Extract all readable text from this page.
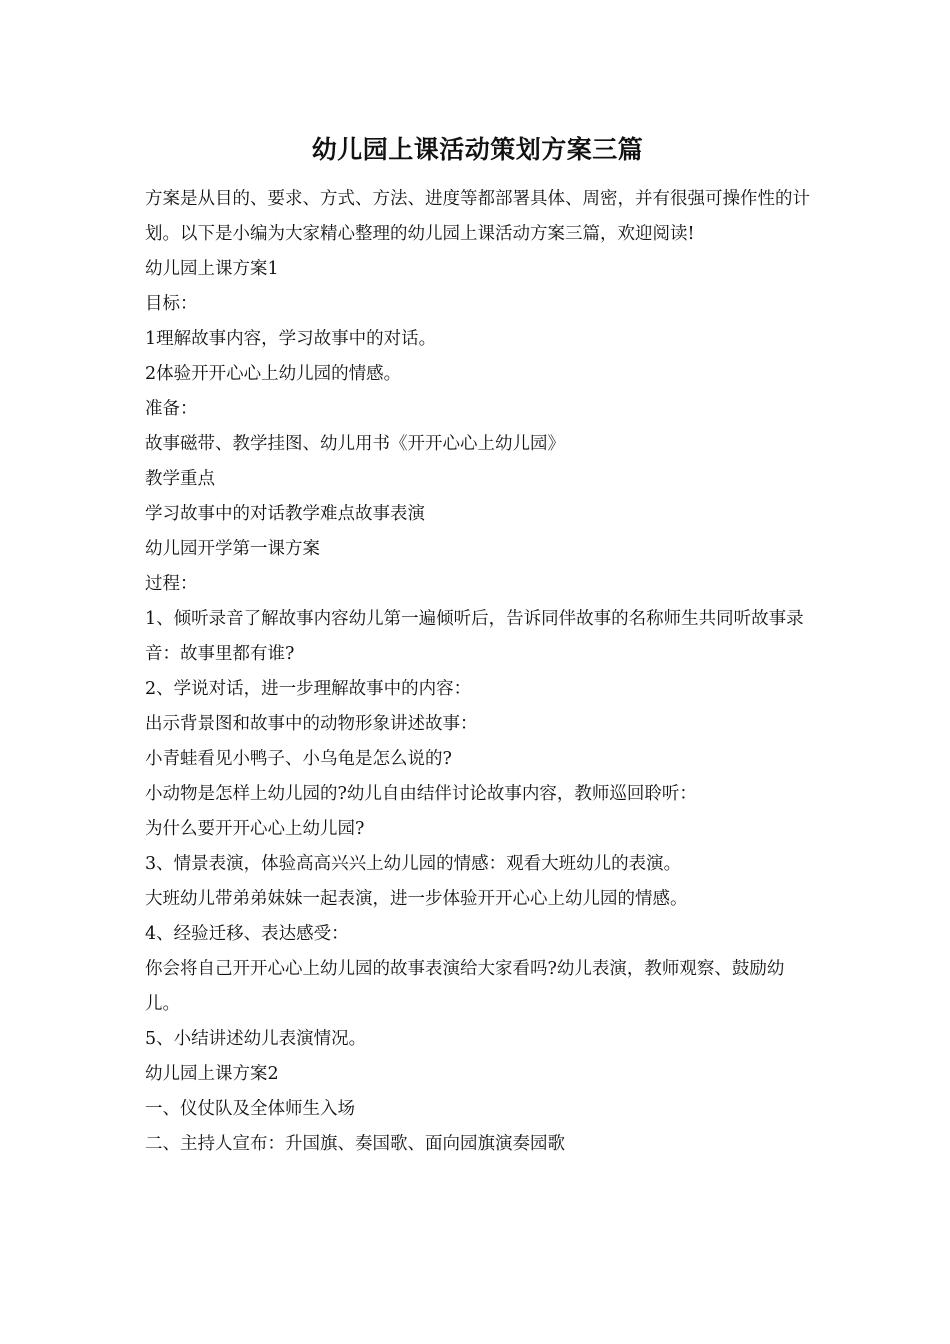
幼儿园上课活动策划方案三篇

方案是从目的、要求、方式、方法、进度等都部署具体、周密，并有很强可操作性的计划。以下是小编为大家精心整理的幼儿园上课活动方案三篇，欢迎阅读!

幼儿园上课方案1

目标：

1理解故事内容，学习故事中的对话。

2体验开开心心上幼儿园的情感。

准备：

故事磁带、教学挂图、幼儿用书《开开心心上幼儿园》

教学重点

学习故事中的对话教学难点故事表演

幼儿园开学第一课方案

过程：

1、倾听录音了解故事内容幼儿第一遍倾听后，告诉同伴故事的名称师生共同听故事录音：故事里都有谁?

2、学说对话，进一步理解故事中的内容：

出示背景图和故事中的动物形象讲述故事：

小青蛙看见小鸭子、小乌龟是怎么说的?

小动物是怎样上幼儿园的?幼儿自由结伴讨论故事内容，教师巡回聆听：

为什么要开开心心上幼儿园?

3、情景表演，体验高高兴兴上幼儿园的情感：观看大班幼儿的表演。

大班幼儿带弟弟妹妹一起表演，进一步体验开开心心上幼儿园的情感。

4、经验迁移、表达感受：

你会将自己开开心心上幼儿园的故事表演给大家看吗?幼儿表演，教师观察、鼓励幼儿。

5、小结讲述幼儿表演情况。

幼儿园上课方案2

一、仪仗队及全体师生入场

二、主持人宣布：升国旗、奏国歌、面向园旗演奏园歌
